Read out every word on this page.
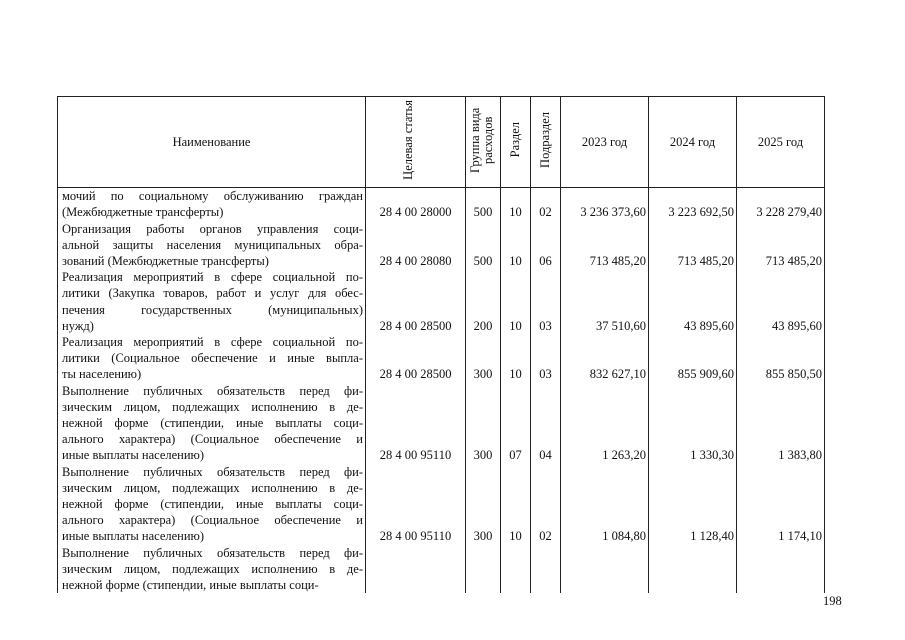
Наименование	Целевая статья	Группа вида расходов	Раздел	Подраздел	2023 год	2024 год	2025 год

мочий по социальному обслуживанию граждан
(Межбюджетные трансферты)	28 4 00 28000	500	10	02	3 236 373,60	3 223 692,50	3 228 279,40

Организация работы органов управления соци-
альной защиты населения муниципальных обра-
зований (Межбюджетные трансферты)	28 4 00 28080	500	10	06	713 485,20	713 485,20	713 485,20

Реализация мероприятий в сфере социальной по-
литики (Закупка товаров, работ и услуг для обес-
печения государственных (муниципальных)
нужд)	28 4 00 28500	200	10	03	37 510,60	43 895,60	43 895,60

Реализация мероприятий в сфере социальной по-
литики (Социальное обеспечение и иные выпла-
ты населению)	28 4 00 28500	300	10	03	832 627,10	855 909,60	855 850,50

Выполнение публичных обязательств перед фи-
зическим лицом, подлежащих исполнению в де-
нежной форме (стипендии, иные выплаты соци-
ального характера) (Социальное обеспечение и
иные выплаты населению)	28 4 00 95110	300	07	04	1 263,20	1 330,30	1 383,80

Выполнение публичных обязательств перед фи-
зическим лицом, подлежащих исполнению в де-
нежной форме (стипендии, иные выплаты соци-
ального характера) (Социальное обеспечение и
иные выплаты населению)	28 4 00 95110	300	10	02	1 084,80	1 128,40	1 174,10

Выполнение публичных обязательств перед фи-
зическим лицом, подлежащих исполнению в де-
нежной форме (стипендии, иные выплаты соци-							

198
